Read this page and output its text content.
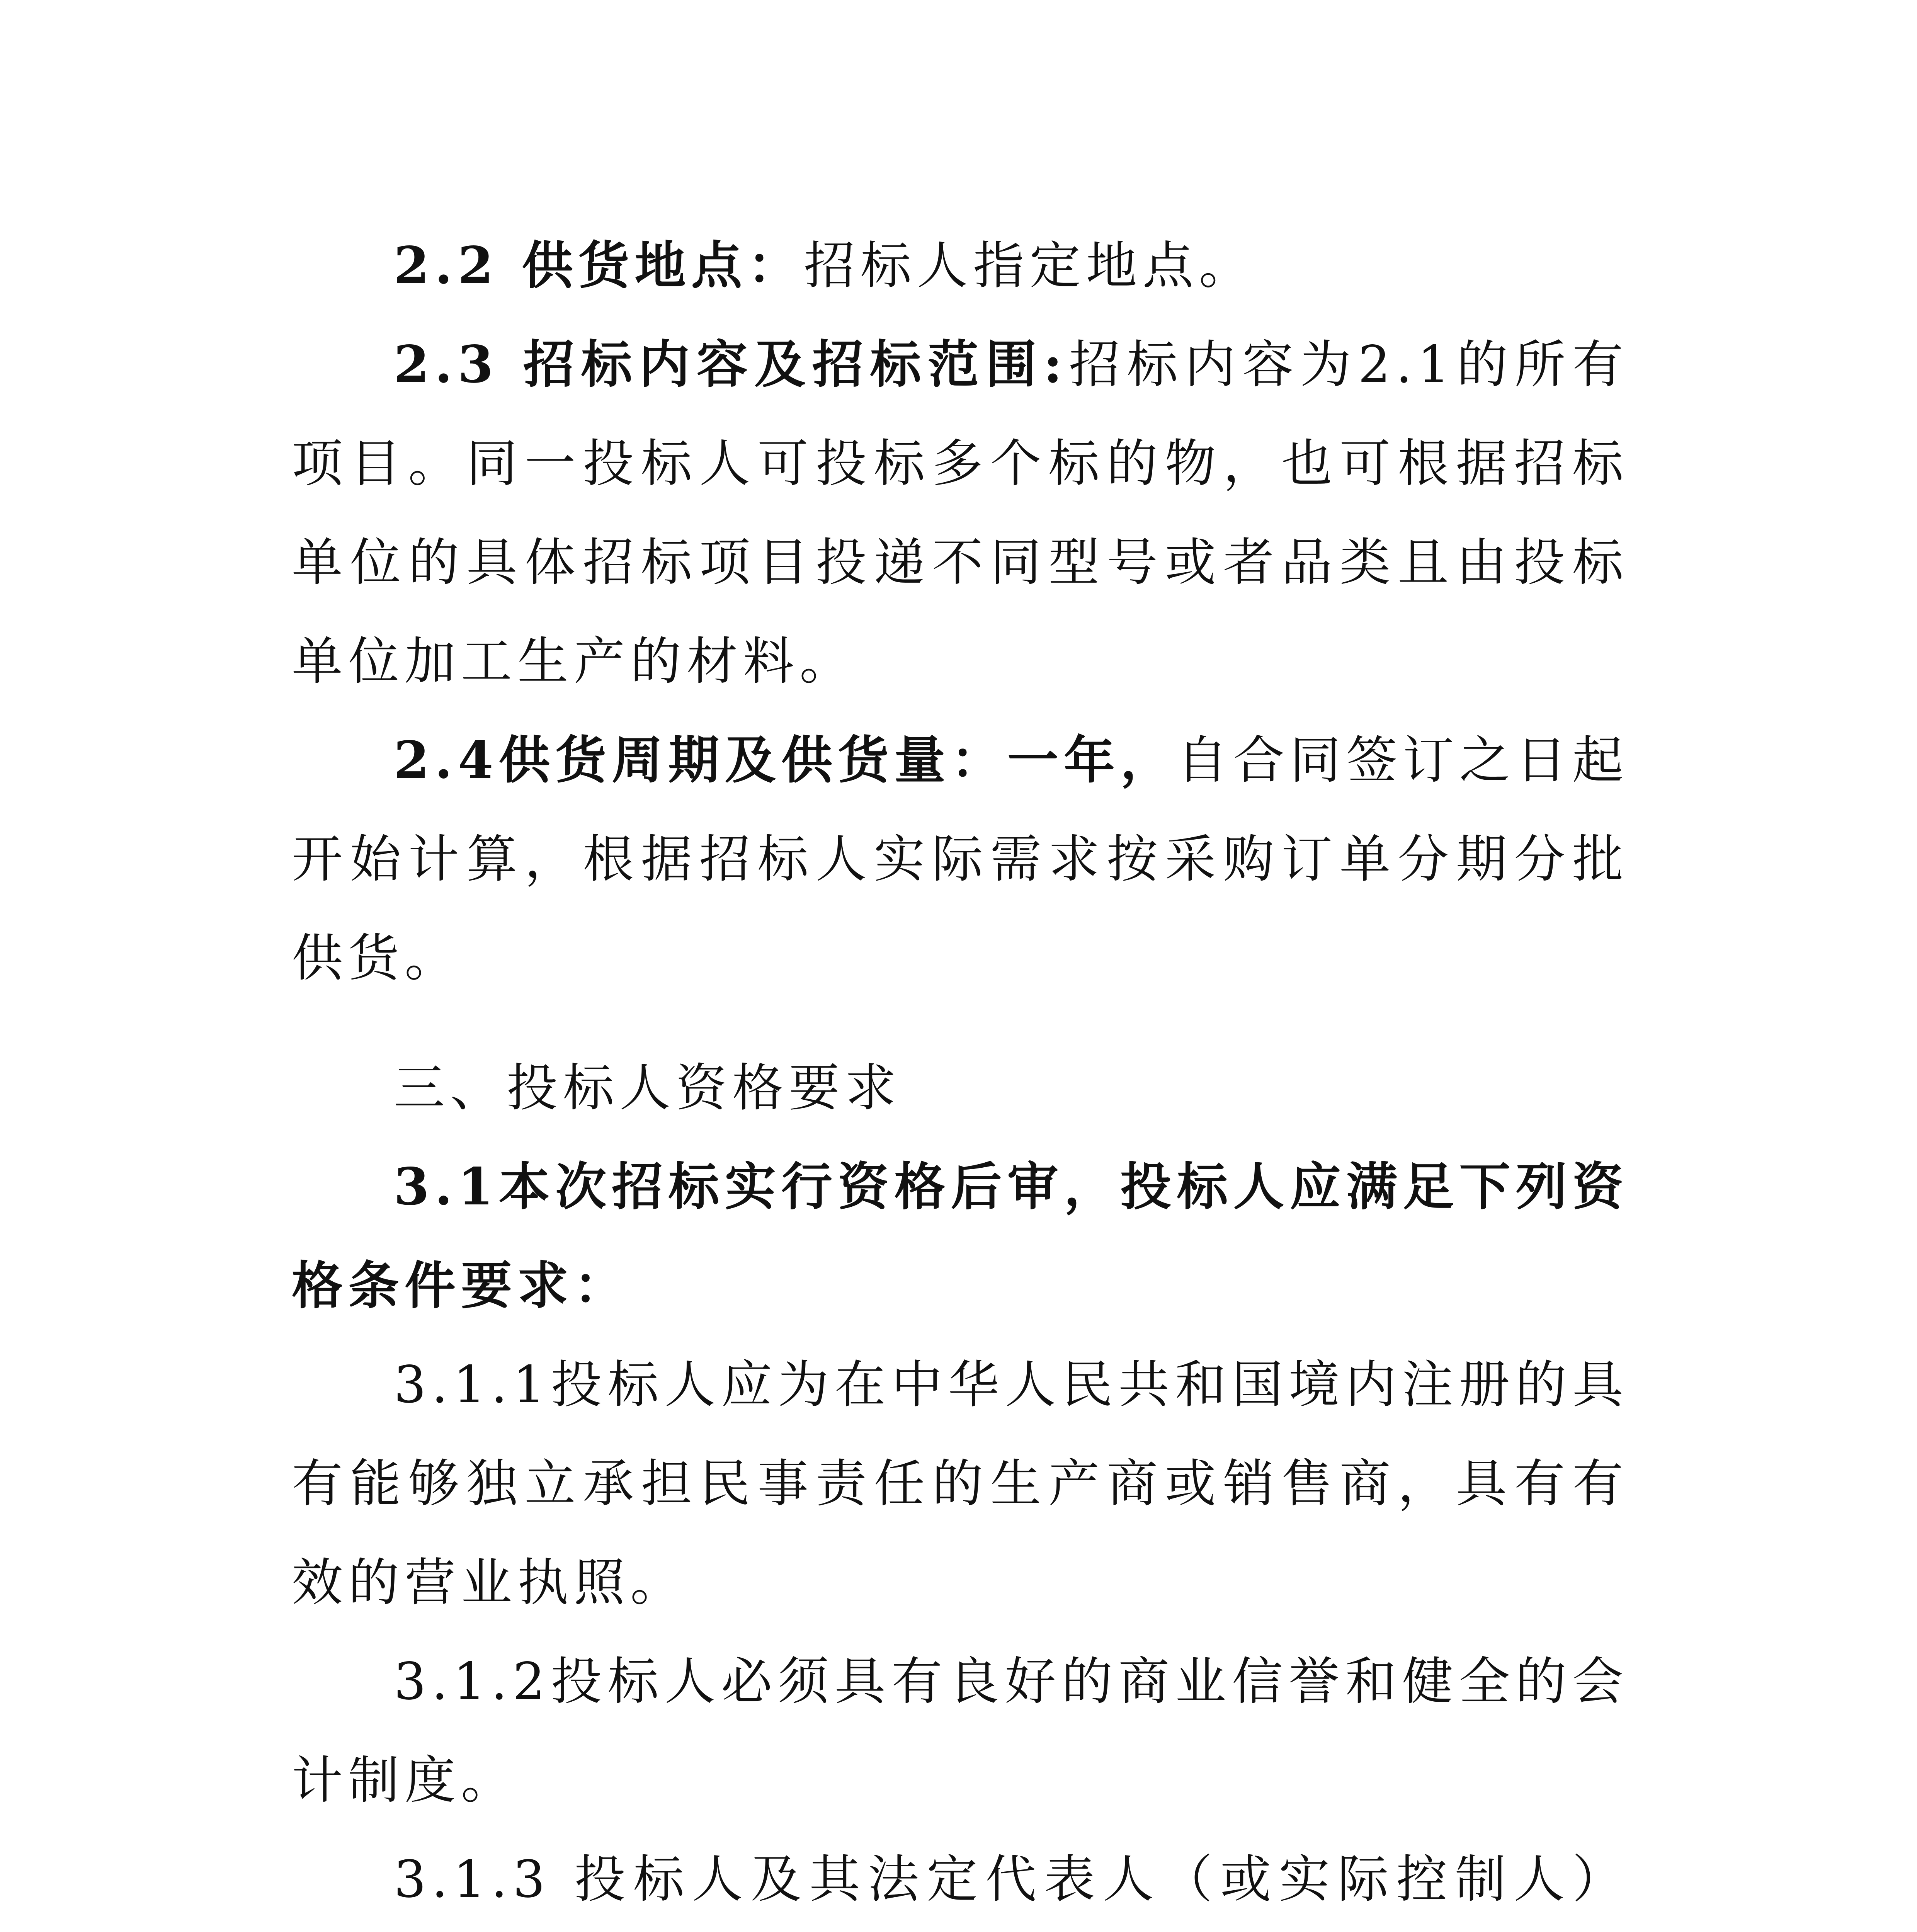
2.2 供货地点：招标人指定地点。

2.3 招标内容及招标范围:招标内容为2.1的所有项目。同一投标人可投标多个标的物，也可根据招标单位的具体招标项目投递不同型号或者品类且由投标单位加工生产的材料。

2.4供货周期及供货量：一年，自合同签订之日起开始计算，根据招标人实际需求按采购订单分期分批供货。

三、投标人资格要求

3.1本次招标实行资格后审，投标人应满足下列资格条件要求：

3.1.1投标人应为在中华人民共和国境内注册的具有能够独立承担民事责任的生产商或销售商，具有有效的营业执照。

3.1.2投标人必须具有良好的商业信誉和健全的会计制度。

3.1.3 投标人及其法定代表人（或实际控制人）
